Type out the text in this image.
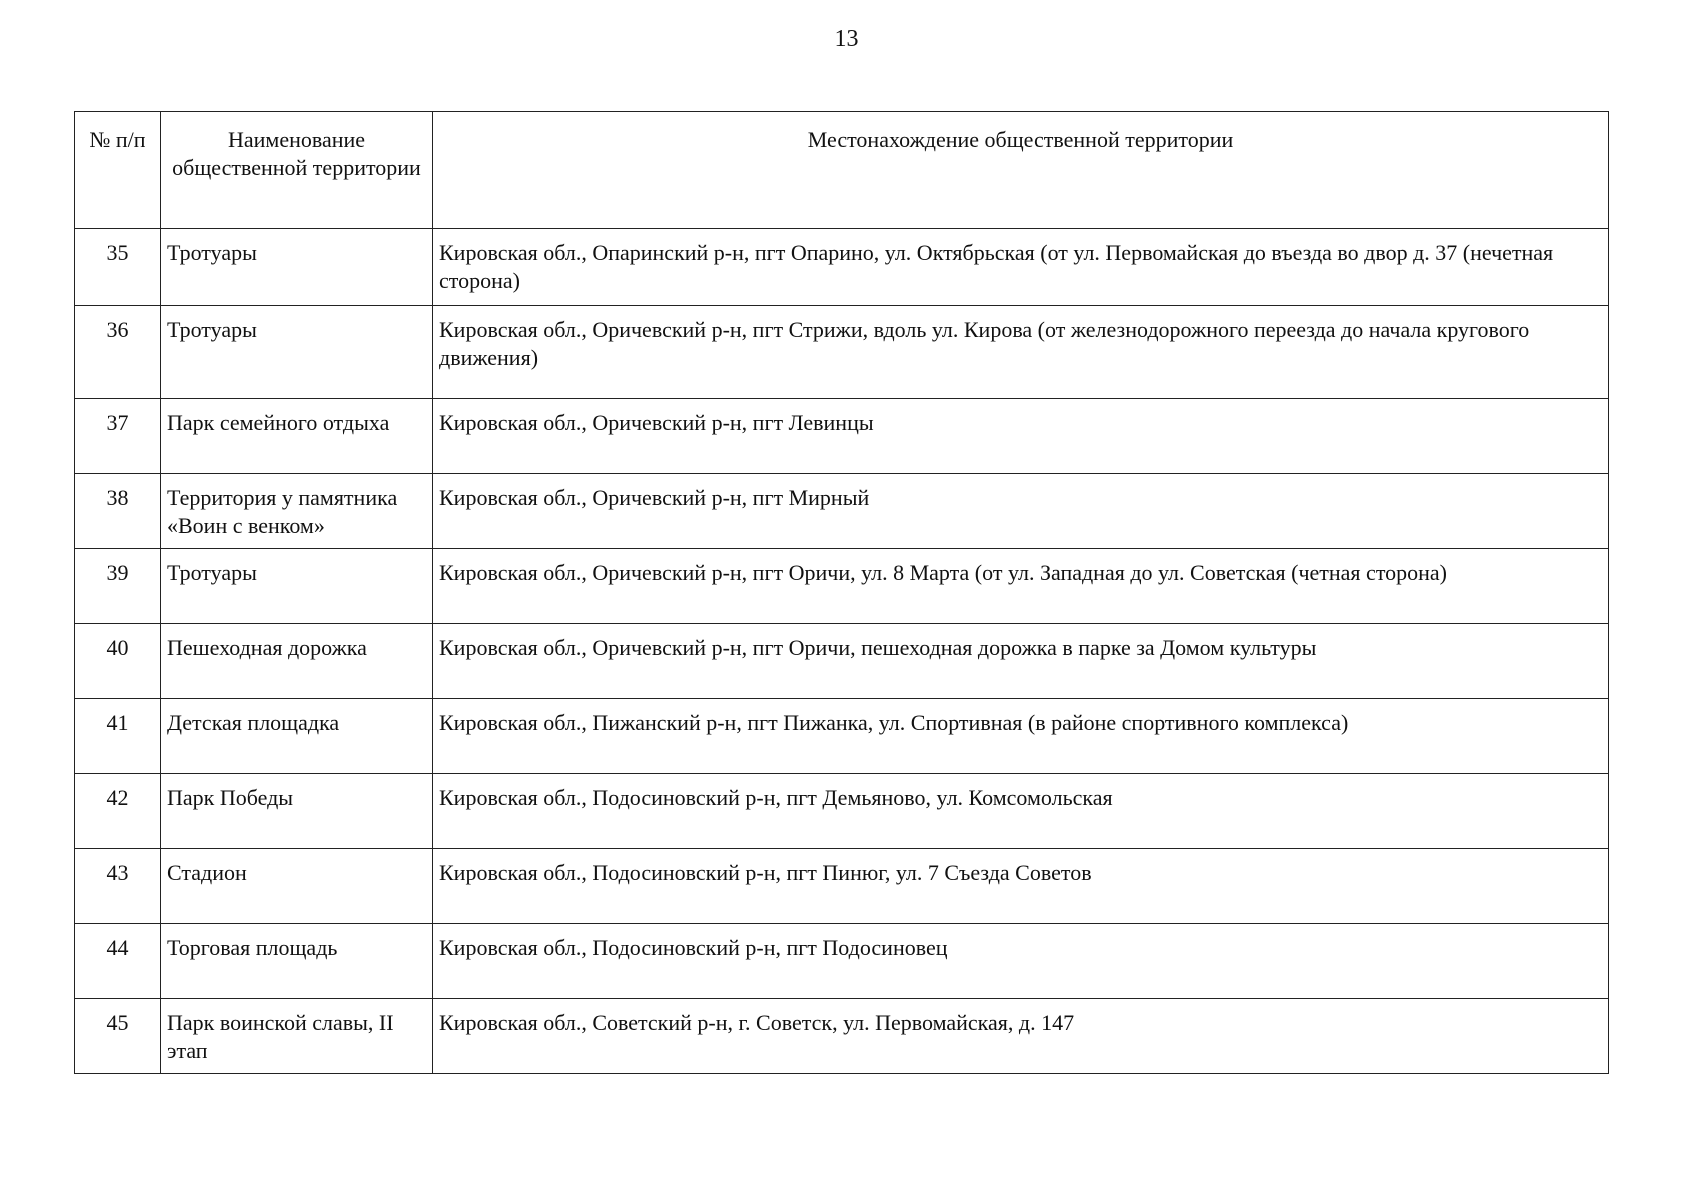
13
№ п/п	Наименование общественной территории	Местонахождение общественной территории
35	Тротуары	Кировская обл., Опаринский р-н, пгт Опарино, ул. Октябрьская (от ул. Первомайская до въезда во двор д. 37 (нечетная сторона)
36	Тротуары	Кировская обл., Оричевский р-н, пгт Стрижи, вдоль ул. Кирова (от железнодорожного переезда до начала кругового движения)
37	Парк семейного отдыха	Кировская обл., Оричевский р-н, пгт Левинцы
38	Территория у памятника «Воин с венком»	Кировская обл., Оричевский р-н, пгт Мирный
39	Тротуары	Кировская обл., Оричевский р-н, пгт Оричи, ул. 8 Марта (от ул. Западная до ул. Советская (четная сторона)
40	Пешеходная дорожка	Кировская обл., Оричевский р-н, пгт Оричи, пешеходная дорожка в парке за Домом культуры
41	Детская площадка	Кировская обл., Пижанский р-н, пгт Пижанка, ул. Спортивная (в районе спортивного комплекса)
42	Парк Победы	Кировская обл., Подосиновский р-н, пгт Демьяново, ул. Комсомольская
43	Стадион	Кировская обл., Подосиновский р-н, пгт Пинюг, ул. 7 Съезда Советов
44	Торговая площадь	Кировская обл., Подосиновский р-н, пгт Подосиновец
45	Парк воинской славы, II этап	Кировская обл., Советский р-н, г. Советск, ул. Первомайская, д. 147
